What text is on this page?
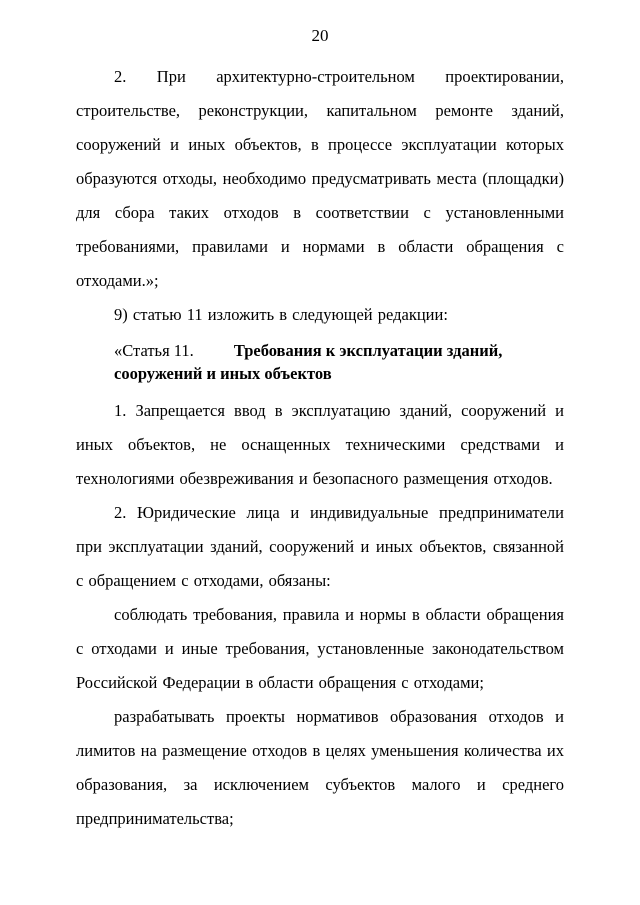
20

2. При архитектурно-строительном проектировании, строительстве, реконструкции, капитальном ремонте зданий, сооружений и иных объектов, в процессе эксплуатации которых образуются отходы, необходимо предусматривать места (площадки) для сбора таких отходов в соответствии с установленными требованиями, правилами и нормами в области обращения с отходами.»;

9) статью 11 изложить в следующей редакции:

«Статья 11. Требования к эксплуатации зданий, сооружений и иных объектов

1. Запрещается ввод в эксплуатацию зданий, сооружений и иных объектов, не оснащенных техническими средствами и технологиями обезвреживания и безопасного размещения отходов.

2. Юридические лица и индивидуальные предприниматели при эксплуатации зданий, сооружений и иных объектов, связанной с обращением с отходами, обязаны:

соблюдать требования, правила и нормы в области обращения с отходами и иные требования, установленные законодательством Российской Федерации в области обращения с отходами;

разрабатывать проекты нормативов образования отходов и лимитов на размещение отходов в целях уменьшения количества их образования, за исключением субъектов малого и среднего предпринимательства;
